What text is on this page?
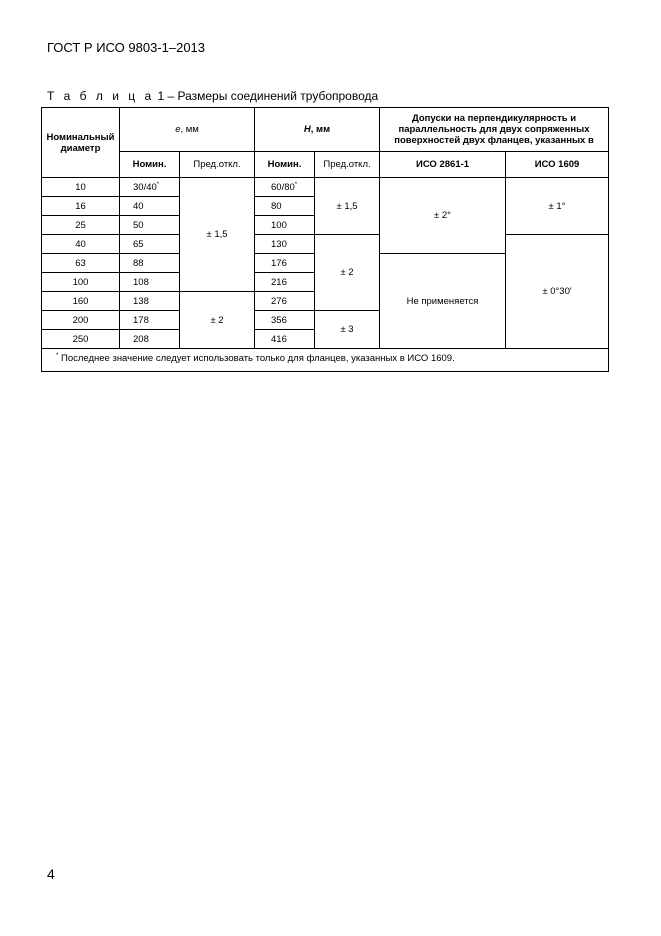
ГОСТ Р ИСО 9803-1–2013
Т а б л и ц а 1 – Размеры соединений трубопровода
Номинальный диаметр	e, мм		H, мм		Допуски на перпендикулярность и параллельность для двух сопряженных поверхностей двух фланцев, указанных в	
	Номин.	Пред.откл.	Номин.	Пред.откл.	ИСО 2861-1	ИСО 1609
10	30/40*	± 1,5	60/80*	± 1,5	± 2°	± 1°
16	40		80			
25	50		100			
40	65		130	± 2		± 0°30′
63	88		176		Не применяется	
100	108		216			
160	138	± 2	276			
200	178		356	± 3		
250	208		416			
* Последнее значение следует использовать только для фланцев, указанных в ИСО 1609.						
4
